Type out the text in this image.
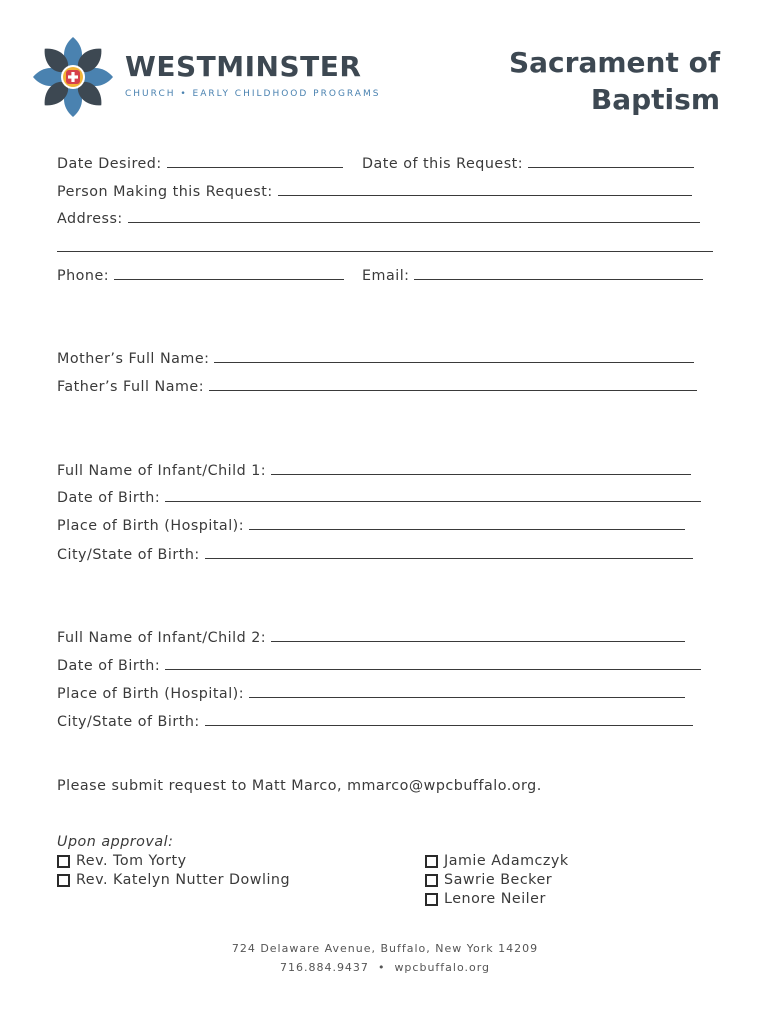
WESTMINSTER
CHURCH • EARLY CHILDHOOD PROGRAMS
Sacrament of
Baptism
Date Desired:	Date of this Request:
Person Making this Request:
Address:
Phone:	Email:
Mother’s Full Name:
Father’s Full Name:
Full Name of Infant/Child 1:
Date of Birth:
Place of Birth (Hospital):
City/State of Birth:
Full Name of Infant/Child 2:
Date of Birth:
Place of Birth (Hospital):
City/State of Birth:
Please submit request to Matt Marco, mmarco@wpcbuffalo.org.
Upon approval:
Rev. Tom Yorty
Rev. Katelyn Nutter Dowling
Jamie Adamczyk
Sawrie Becker
Lenore Neiler
724 Delaware Avenue, Buffalo, New York 14209
716.884.9437 • wpcbuffalo.org
